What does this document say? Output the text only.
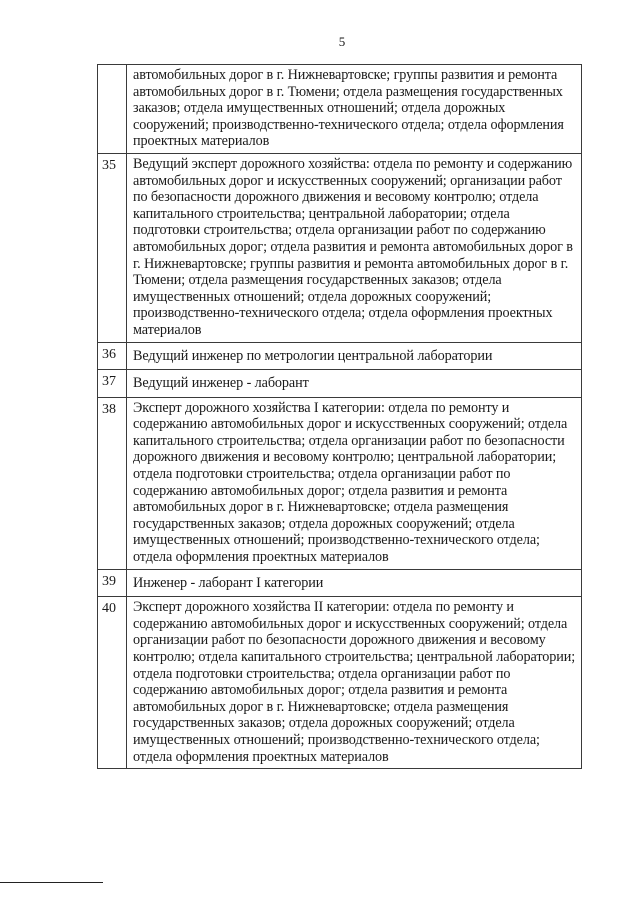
5
	автомобильных дорог в г. Нижневартовске; группы развития и ремонта автомобильных дорог в г. Тюмени; отдела размещения государственных заказов; отдела имущественных отношений; отдела дорожных сооружений; производственно-технического отдела; отдела оформления проектных материалов
35	Ведущий эксперт дорожного хозяйства: отдела по ремонту и содержанию автомобильных дорог и искусственных сооружений; организации работ по безопасности дорожного движения и весовому контролю; отдела капитального строительства; центральной лаборатории; отдела подготовки строительства; отдела организации работ по содержанию автомобильных дорог; отдела развития и ремонта автомобильных дорог в г. Нижневартовске; группы развития и ремонта автомобильных дорог в г. Тюмени; отдела размещения государственных заказов; отдела имущественных отношений; отдела дорожных сооружений; производственно-технического отдела; отдела оформления проектных материалов
36	Ведущий инженер по метрологии центральной лаборатории
37	Ведущий инженер - лаборант
38	Эксперт дорожного хозяйства I категории: отдела по ремонту и содержанию автомобильных дорог и искусственных сооружений; отдела капитального строительства; отдела организации работ по безопасности дорожного движения и весовому контролю; центральной лаборатории; отдела подготовки строительства; отдела организации работ по содержанию автомобильных дорог; отдела развития и ремонта автомобильных дорог в г. Нижневартовске; отдела размещения государственных заказов; отдела дорожных сооружений; отдела имущественных отношений; производственно-технического отдела; отдела оформления проектных материалов
39	Инженер - лаборант I категории
40	Эксперт дорожного хозяйства II категории: отдела по ремонту и содержанию автомобильных дорог и искусственных сооружений; отдела организации работ по безопасности дорожного движения и весовому контролю; отдела капитального строительства; центральной лаборатории; отдела подготовки строительства; отдела организации работ по содержанию автомобильных дорог; отдела развития и ремонта автомобильных дорог в г. Нижневартовске; отдела размещения государственных заказов; отдела дорожных сооружений; отдела имущественных отношений; производственно-технического отдела; отдела оформления проектных материалов
